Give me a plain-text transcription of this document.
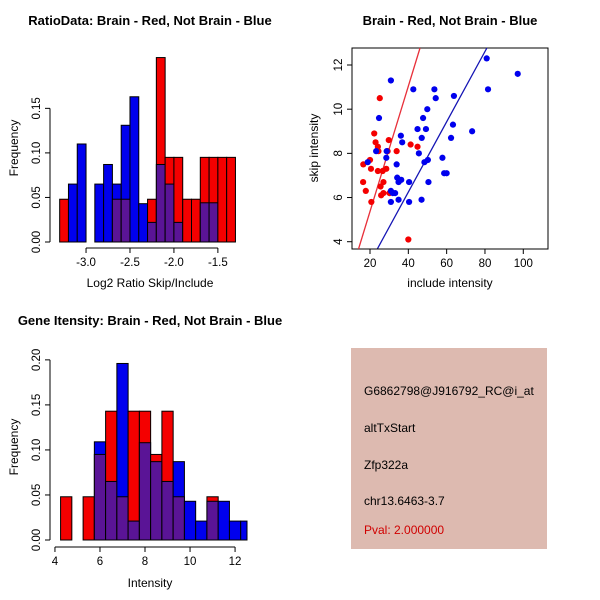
RatioData: Brain - Red, Not Brain - Blue
Frequency
-3.0 -2.5 -2.0 -1.5
0.00
0.05
0.10
0.15
Log2 Ratio Skip/Include
Brain - Red, Not Brain - Blue
skip intensity
20 40 60 80 100
4
6
8
10
12
include intensity
Gene Itensity: Brain - Red, Not Brain - Blue
Frequency
4	6	8	10	12
0.00
0.05
0.10
0.15
0.20
Intensity
G6862798@J916792_RC@i_at
altTxStart
Zfp322a
chr13.6463-3.7
Pval: 2.000000
